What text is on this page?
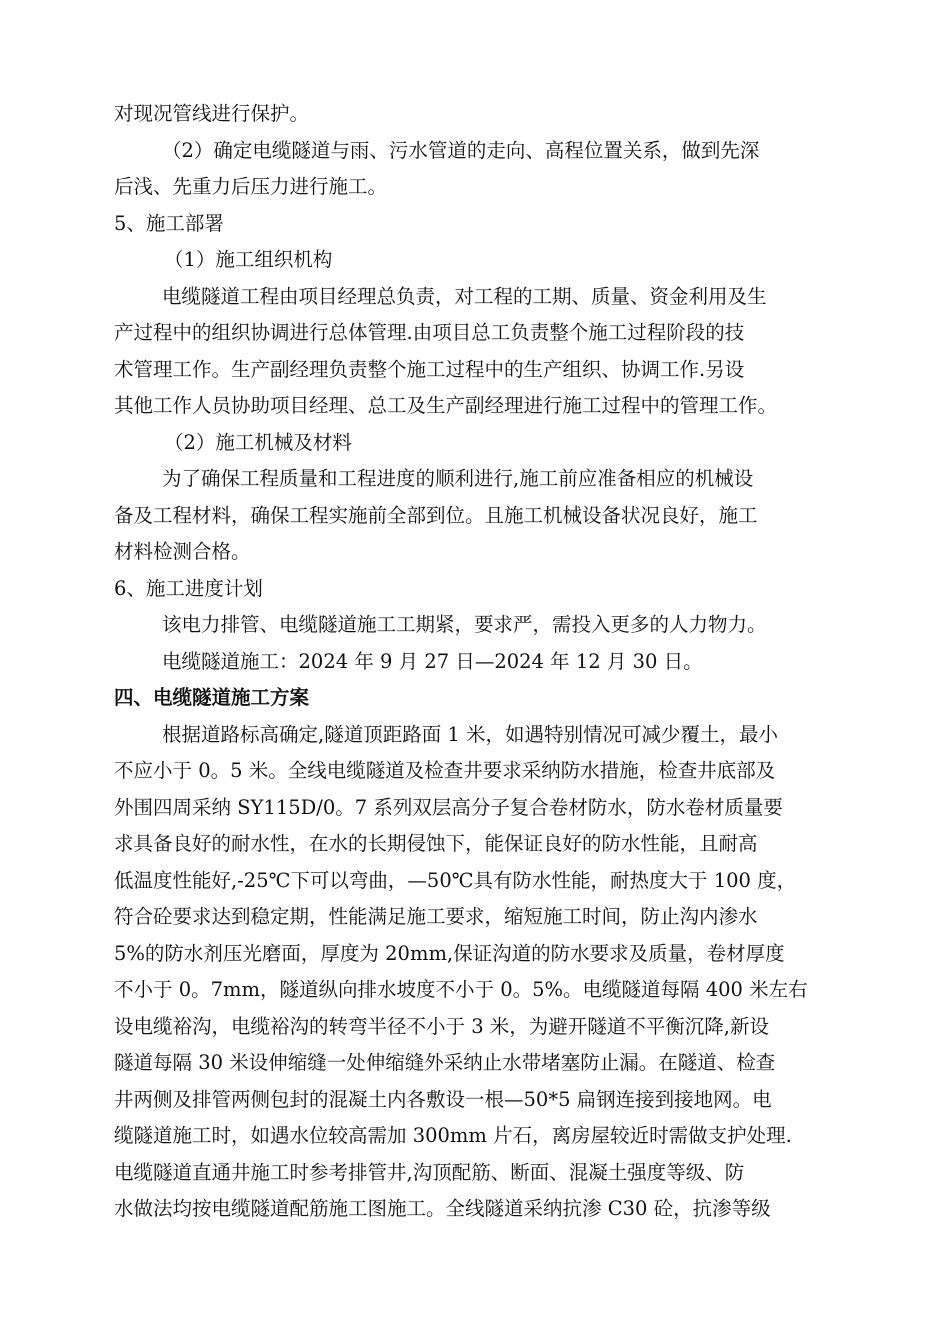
对现况管线进行保护。
（2）确定电缆隧道与雨、污水管道的走向、高程位置关系，做到先深
后浅、先重力后压力进行施工。
5、施工部署
（1）施工组织机构
电缆隧道工程由项目经理总负责，对工程的工期、质量、资金利用及生
产过程中的组织协调进行总体管理.由项目总工负责整个施工过程阶段的技
术管理工作。生产副经理负责整个施工过程中的生产组织、协调工作.另设
其他工作人员协助项目经理、总工及生产副经理进行施工过程中的管理工作。
（2）施工机械及材料
为了确保工程质量和工程进度的顺利进行,施工前应准备相应的机械设
备及工程材料，确保工程实施前全部到位。且施工机械设备状况良好，施工
材料检测合格。
6、施工进度计划
该电力排管、电缆隧道施工工期紧，要求严，需投入更多的人力物力。
电缆隧道施工：2024 年 9 月 27 日—2024 年 12 月 30 日。
四、电缆隧道施工方案
根据道路标高确定,隧道顶距路面 1 米，如遇特别情况可减少覆土，最小
不应小于 0。5 米。全线电缆隧道及检查井要求采纳防水措施，检查井底部及
外围四周采纳 SY115D/0。7 系列双层高分子复合卷材防水，防水卷材质量要
求具备良好的耐水性，在水的长期侵蚀下，能保证良好的防水性能，且耐高
低温度性能好,-25℃下可以弯曲，—50℃具有防水性能，耐热度大于 100 度，
符合砼要求达到稳定期，性能满足施工要求，缩短施工时间，防止沟内渗水
5%的防水剂压光磨面，厚度为 20mm,保证沟道的防水要求及质量，卷材厚度
不小于 0。7mm，隧道纵向排水坡度不小于 0。5%。电缆隧道每隔 400 米左右
设电缆裕沟，电缆裕沟的转弯半径不小于 3 米，为避开隧道不平衡沉降,新设
隧道每隔 30 米设伸缩缝一处伸缩缝外采纳止水带堵塞防止漏。在隧道、检查
井两侧及排管两侧包封的混凝土内各敷设一根—50*5 扁钢连接到接地网。电
缆隧道施工时，如遇水位较高需加 300mm 片石，离房屋较近时需做支护处理.
电缆隧道直通井施工时参考排管井,沟顶配筋、断面、混凝土强度等级、防
水做法均按电缆隧道配筋施工图施工。全线隧道采纳抗渗 C30 砼，抗渗等级
